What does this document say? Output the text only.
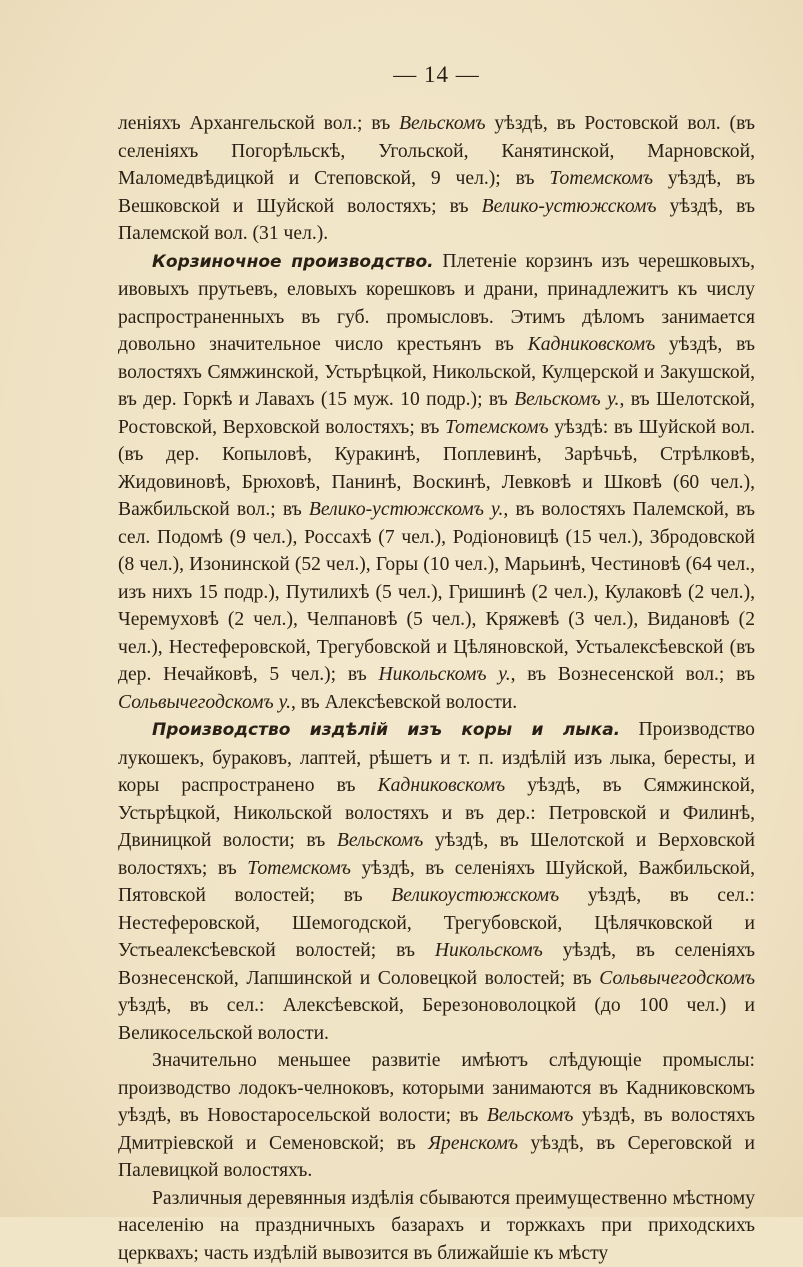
— 14 —

леніяхъ Архангельской вол.; въ Вельскомъ уѣздѣ, въ Ростовской вол. (въ селеніяхъ Погорѣльскѣ, Угольской, Канятинской, Марновской, Маломедвѣдицкой и Степовской, 9 чел.); въ Тотемскомъ уѣздѣ, въ Вешковской и Шуйской волостяхъ; въ Велико-устюжскомъ уѣздѣ, въ Палемской вол. (31 чел.).

Корзиночное производство. Плетеніе корзинъ изъ черешковыхъ, ивовыхъ прутьевъ, еловыхъ корешковъ и драни, принадлежитъ къ числу распространенныхъ въ губ. промысловъ. Этимъ дѣломъ занимается довольно значительное число крестьянъ въ Кадниковскомъ уѣздѣ, въ волостяхъ Сямжинской, Устьрѣцкой, Никольской, Кулцерской и Закушской, въ дер. Горкѣ и Лавахъ (15 муж. 10 подр.); въ Вельскомъ у., въ Шелотской, Ростовской, Верховской волостяхъ; въ Тотемскомъ уѣздѣ: въ Шуйской вол. (въ дер. Копыловѣ, Куракинѣ, Поплевинѣ, Зарѣчьѣ, Стрѣлковѣ, Жидовиновѣ, Брюховѣ, Панинѣ, Воскинѣ, Левковѣ и Шковѣ (60 чел.), Важбильской вол.; въ Велико-устюжскомъ у., въ волостяхъ Палемской, въ сел. Подомѣ (9 чел.), Россахѣ (7 чел.), Родіоновицѣ (15 чел.), Збродовской (8 чел.), Изонинской (52 чел.), Горы (10 чел.), Марьинѣ, Честиновѣ (64 чел., изъ нихъ 15 подр.), Путилихѣ (5 чел.), Гришинѣ (2 чел.), Кулаковѣ (2 чел.), Черемуховѣ (2 чел.), Челпановѣ (5 чел.), Кряжевѣ (3 чел.), Видановѣ (2 чел.), Нестеферовской, Трегубовской и Цѣляновской, Устьалексѣевской (въ дер. Нечайковѣ, 5 чел.); въ Никольскомъ у., въ Вознесенской вол.; въ Сольвычегодскомъ у., въ Алексѣевской волости.

Производство издѣлій изъ коры и лыка. Производство лукошекъ, бураковъ, лаптей, рѣшетъ и т. п. издѣлій изъ лыка, бересты, и коры распространено въ Кадниковскомъ уѣздѣ, въ Сямжинской, Устьрѣцкой, Никольской волостяхъ и въ дер.: Петровской и Филинѣ, Двиницкой волости; въ Вельскомъ уѣздѣ, въ Шелотской и Верховской волостяхъ; въ Тотемскомъ уѣздѣ, въ селеніяхъ Шуйской, Важбильской, Пятовской волостей; въ Великоустюжскомъ уѣздѣ, въ сел.: Нестеферовской, Шемогодской, Трегубовской, Цѣлячковской и Устьеалексѣевской волостей; въ Никольскомъ уѣздѣ, въ селеніяхъ Вознесенской, Лапшинской и Соловецкой волостей; въ Сольвычегодскомъ уѣздѣ, въ сел.: Алексѣевской, Березоноволоцкой (до 100 чел.) и Великосельской волости.

Значительно меньшее развитіе имѣютъ слѣдующіе промыслы: производство лодокъ-челноковъ, которыми занимаются въ Кадниковскомъ уѣздѣ, въ Новостаросельской волости; въ Вельскомъ уѣздѣ, въ волостяхъ Дмитріевской и Семеновской; въ Яренскомъ уѣздѣ, въ Сереговской и Палевицкой волостяхъ.

Различныя деревянныя издѣлія сбываются преимущественно мѣстному населенію на праздничныхъ базарахъ и торжкахъ при приходскихъ церквахъ; часть издѣлій вывозится въ ближайшіе къ мѣсту
